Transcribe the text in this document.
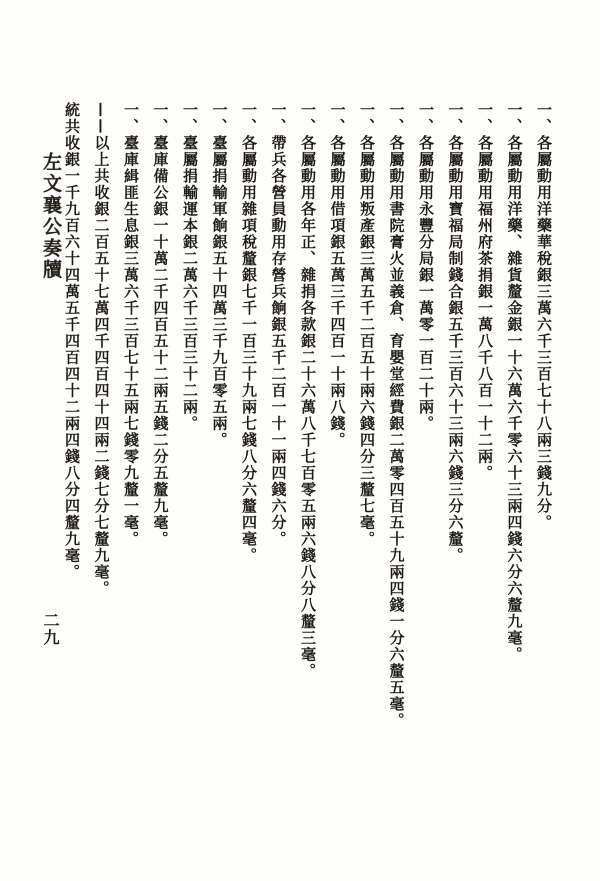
一、各屬動用洋藥華稅銀三萬六千三百七十八兩三錢九分。
一、各屬動用洋藥、雜貨釐金銀一十六萬六千零六十三兩四錢六分六釐九毫。
一、各屬動用福州府茶捐銀一萬八千八百一十二兩。
一、各屬動用寶福局制錢合銀五千三百六十三兩六錢三分六釐。
一、各屬動用永豐分局銀一萬零一百二十兩。
一、各屬動用書院膏火並義倉、育嬰堂經費銀二萬零四百五十九兩四錢一分六釐五毫。
一、各屬動用叛產銀三萬五千二百五十兩六錢四分三釐七毫。
一、各屬動用借項銀五萬三千四百一十兩八錢。
一、各屬動用各年正、雜捐各款銀二十六萬八千七百零五兩六錢八分八釐三毫。
一、帶兵各營員動用存營兵餉銀五千二百一十一兩四錢六分。
一、各屬動用雜項稅釐銀七千一百三十九兩七錢八分六釐四毫。
一、臺屬捐輸軍餉銀五十四萬三千九百零五兩。
一、臺屬捐輸運本銀二萬六千三百三十二兩。
一、臺庫備公銀一十萬二千四百五十二兩五錢二分五釐九毫。
一、臺庫緝匪生息銀三萬六千三百七十五兩七錢零九釐一毫。
——以上共收銀二百五十七萬四千四百四十四兩二錢七分七釐九毫。
統共收銀一千九百六十四萬五千四百四十二兩四錢八分四釐九毫。
左文襄公奏牘
二九
